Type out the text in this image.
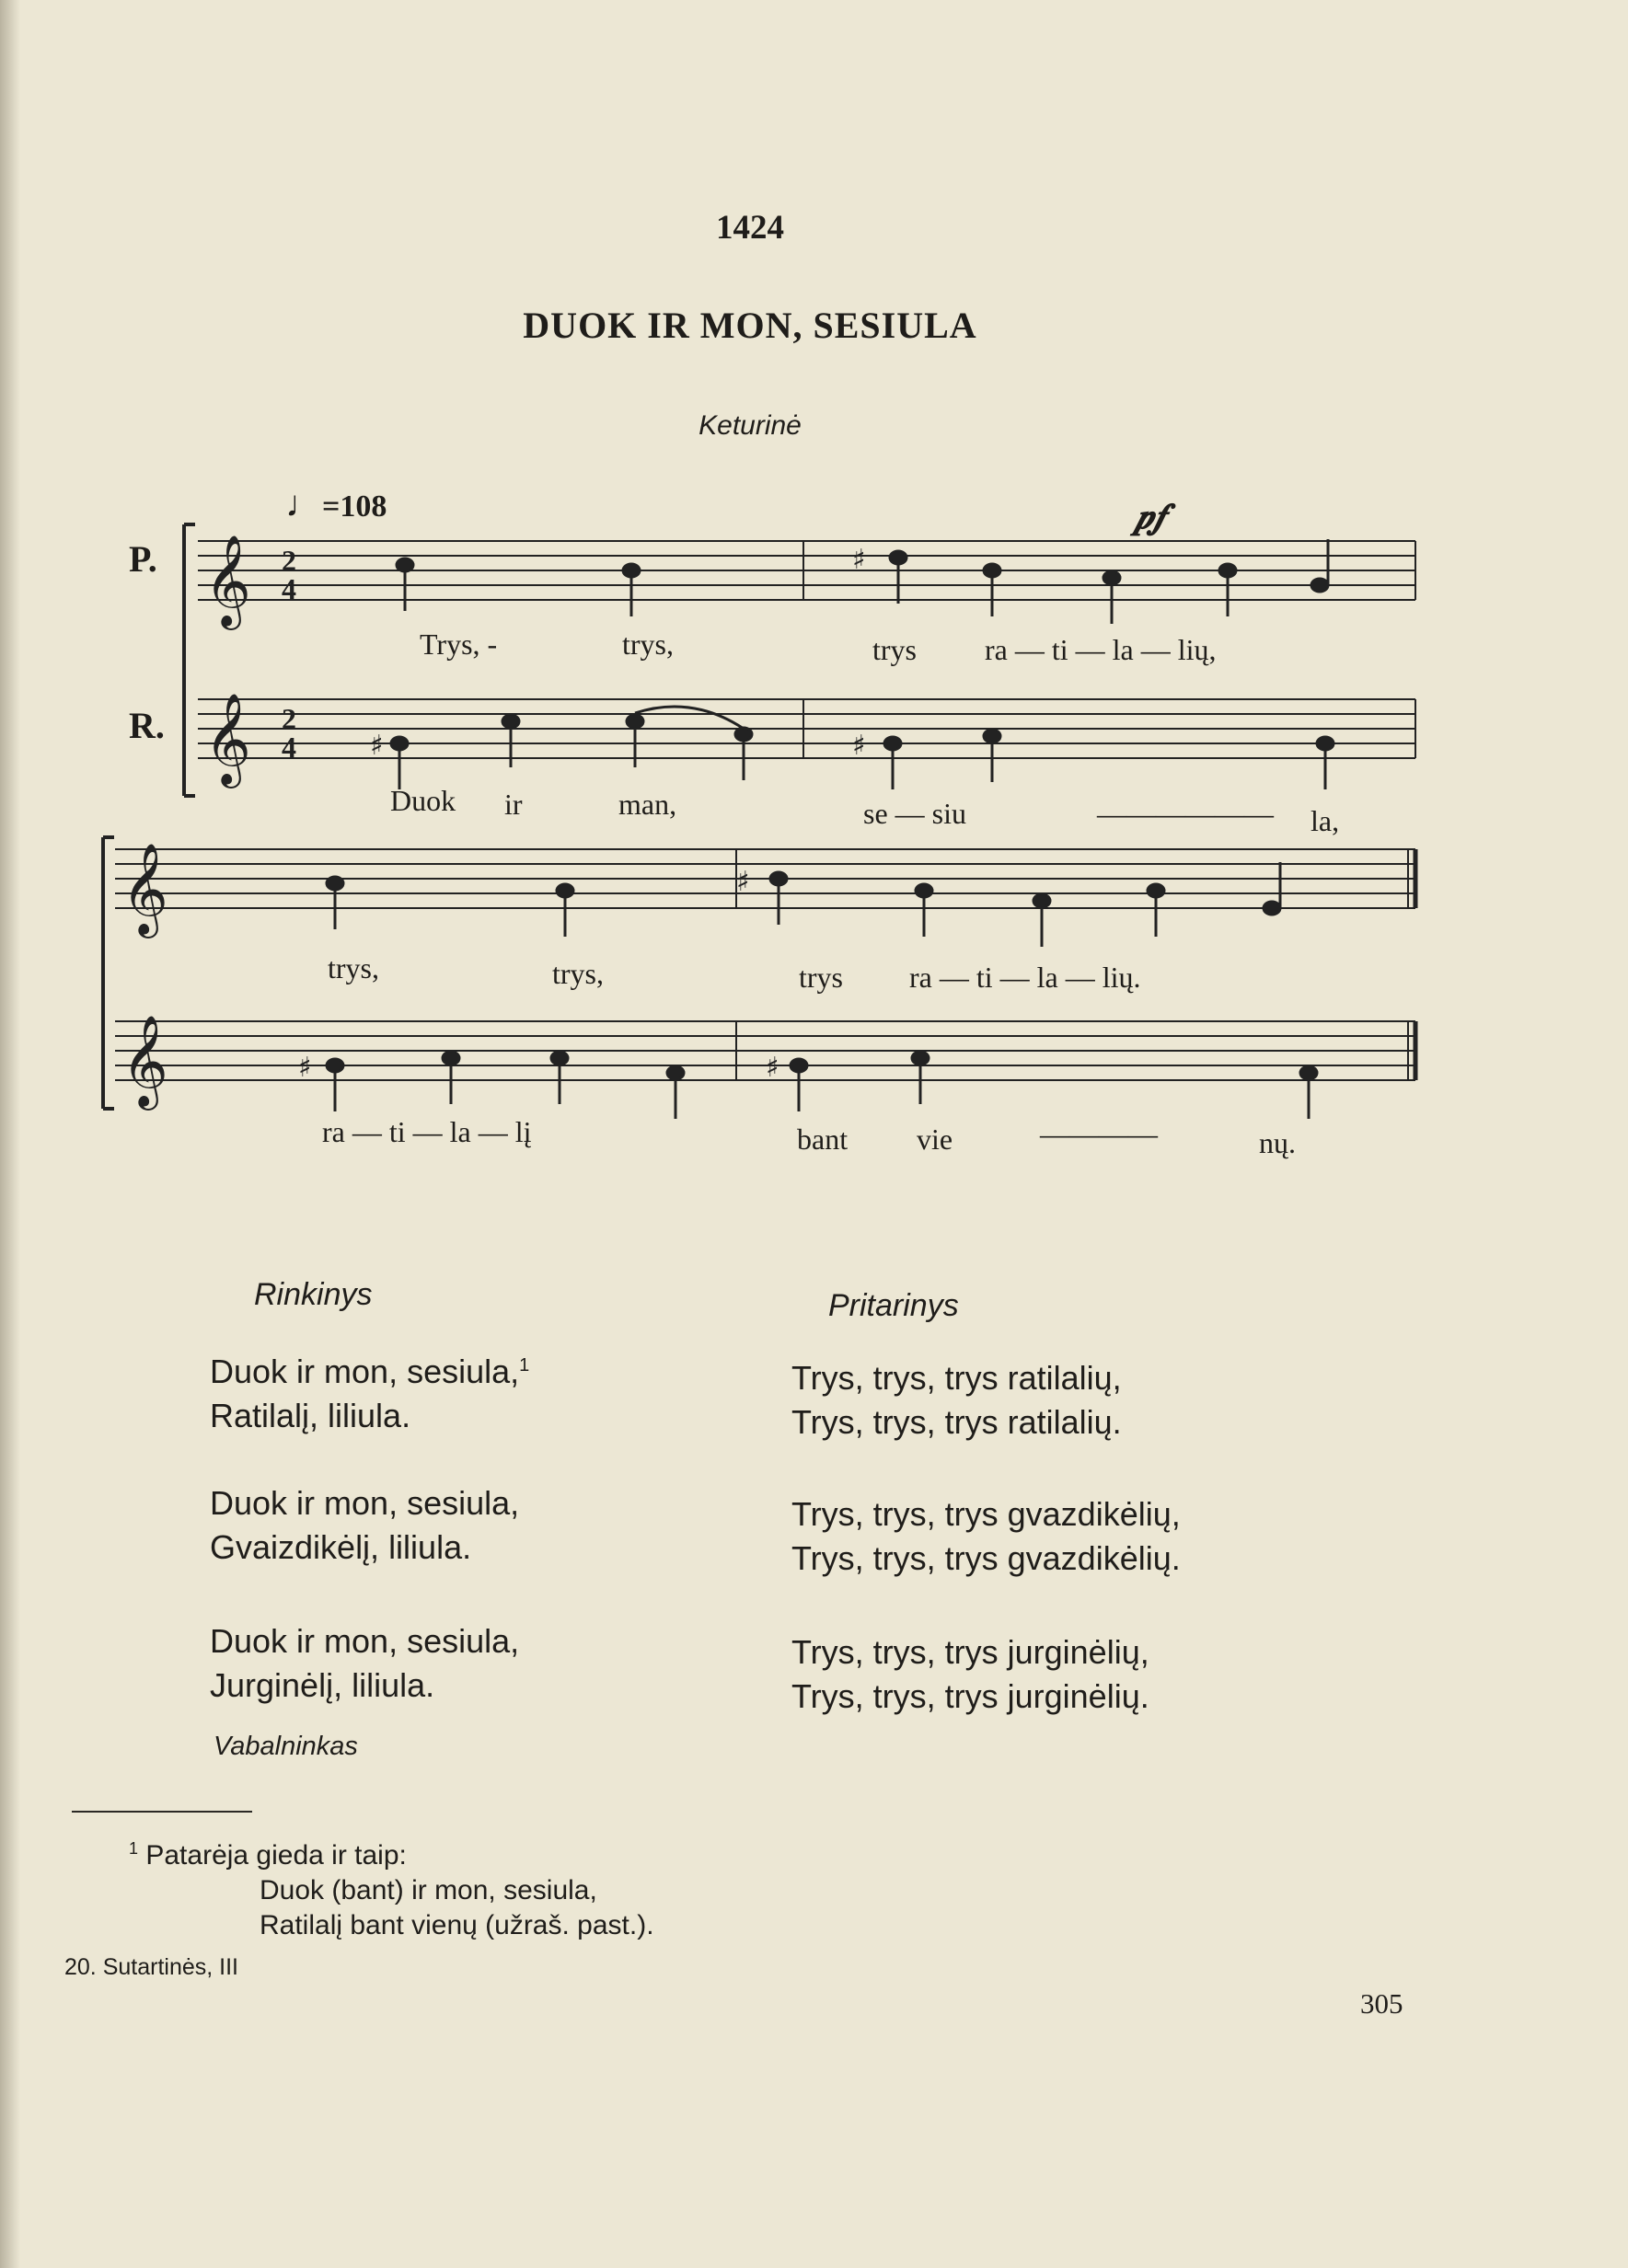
1424
DUOK IR MON, SESIULA
Keturinė
♩=108	𝆏𝆑
P.
R.
𝄞
𝄞
𝄞
𝄞
2
4
2
4
♯
♯	♯
♯
♯	♯
Trys, -	trys,	trys ra — ti — la — lių,
Duok ir	man,	se — siu	—————— la,
trys,	trys,	trys ra — ti — la — lių.
ra — ti — la — lį	bant vie	————	nų.
Rinkinys	Pritarinys
Duok ir mon, sesiula,$^1$
Ratilalį, liliula.
Duok ir mon, sesiula,
Gvaizdikėlį, liliula.
Duok ir mon, sesiula,
Jurginėlį, liliula.
Trys, trys, trys ratilalių,
Trys, trys, trys ratilalių.
Trys, trys, trys gvazdikėlių,
Trys, trys, trys gvazdikėlių.
Trys, trys, trys jurginėlių,
Trys, trys, trys jurginėlių.
Vabalninkas
$^1$ Patarėja gieda ir taip:
Duok (bant) ir mon, sesiula,
Ratilalį bant vienų (užraš. past.).
20. Sutartinės, III
305
